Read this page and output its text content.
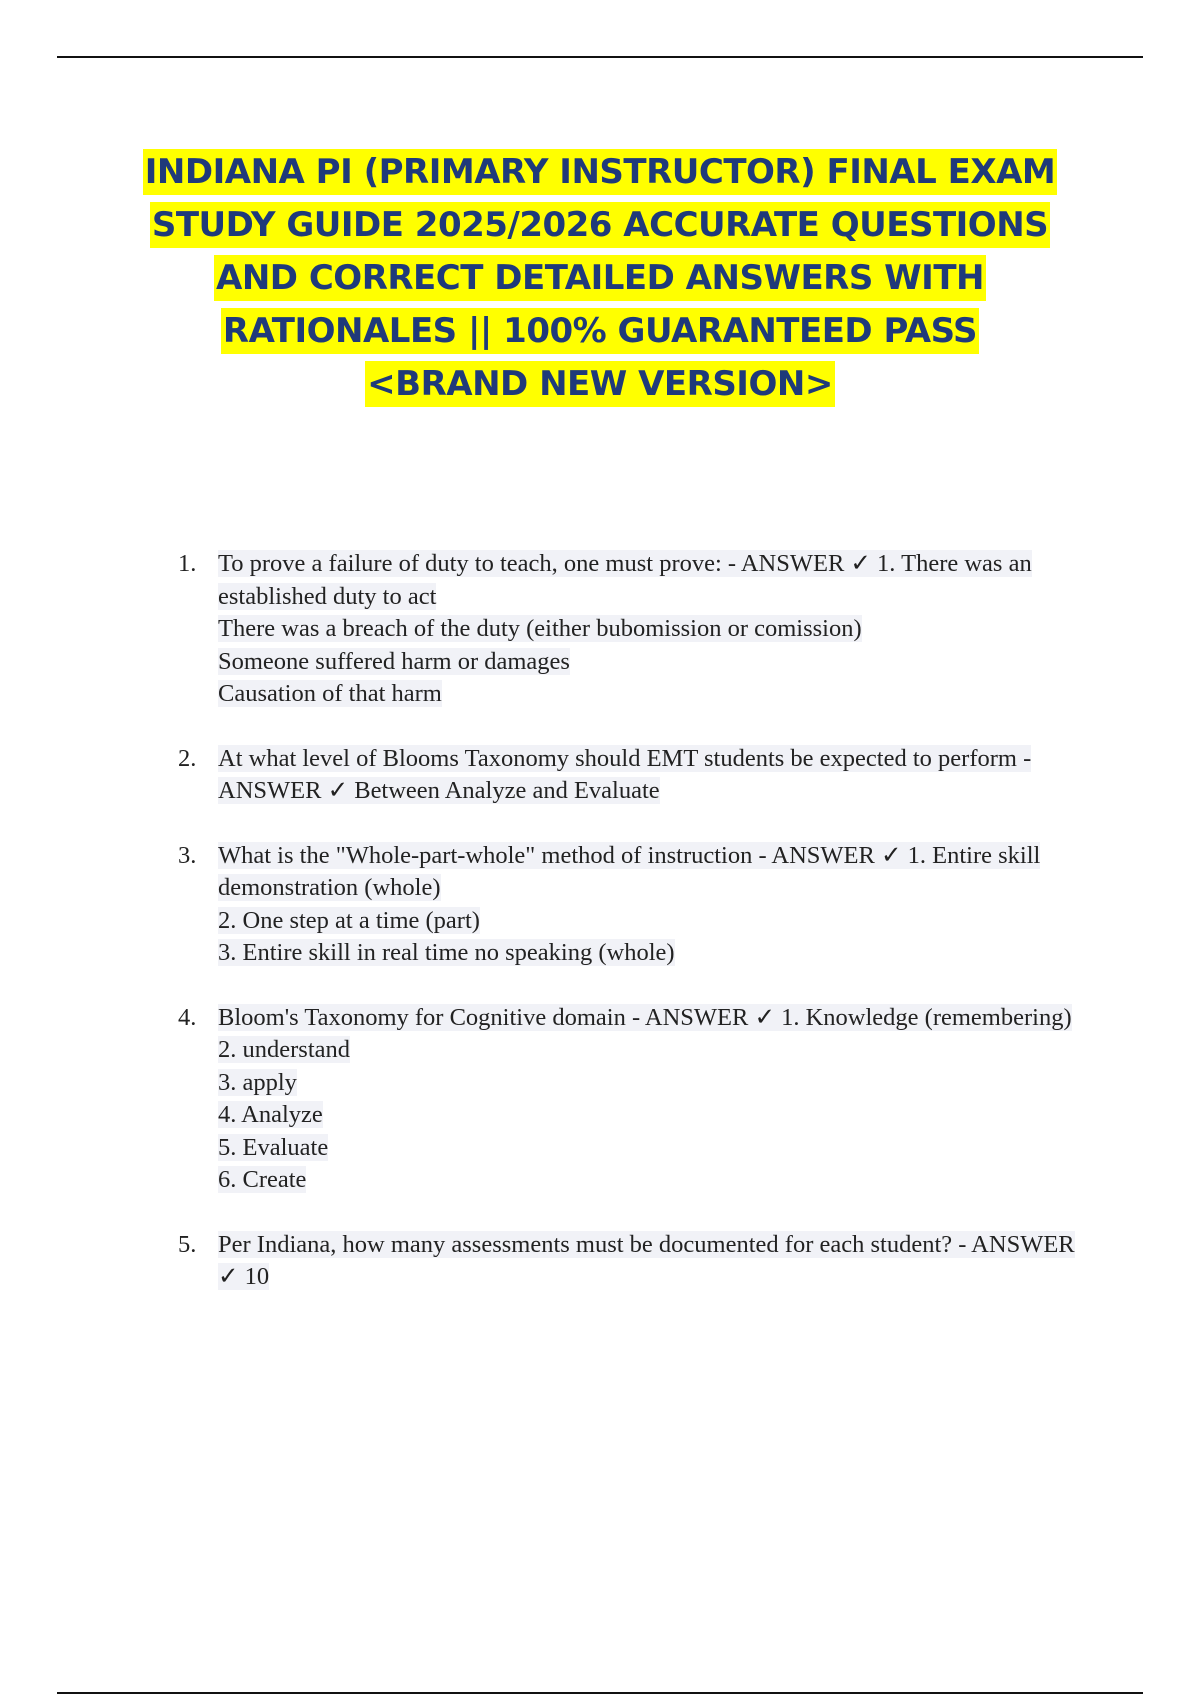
INDIANA PI (PRIMARY INSTRUCTOR) FINAL EXAM STUDY GUIDE 2025/2026 ACCURATE QUESTIONS AND CORRECT DETAILED ANSWERS WITH RATIONALES || 100% GUARANTEED PASS <BRAND NEW VERSION>
1. To prove a failure of duty to teach, one must prove: - ANSWER ✓ 1. There was an established duty to act
There was a breach of the duty (either bubomission or comission)
Someone suffered harm or damages
Causation of that harm
2. At what level of Blooms Taxonomy should EMT students be expected to perform - ANSWER ✓ Between Analyze and Evaluate
3. What is the "Whole-part-whole" method of instruction - ANSWER ✓ 1. Entire skill demonstration (whole)
2. One step at a time (part)
3. Entire skill in real time no speaking (whole)
4. Bloom's Taxonomy for Cognitive domain - ANSWER ✓ 1. Knowledge (remembering)
2. understand
3. apply
4. Analyze
5. Evaluate
6. Create
5. Per Indiana, how many assessments must be documented for each student? - ANSWER ✓ 10
